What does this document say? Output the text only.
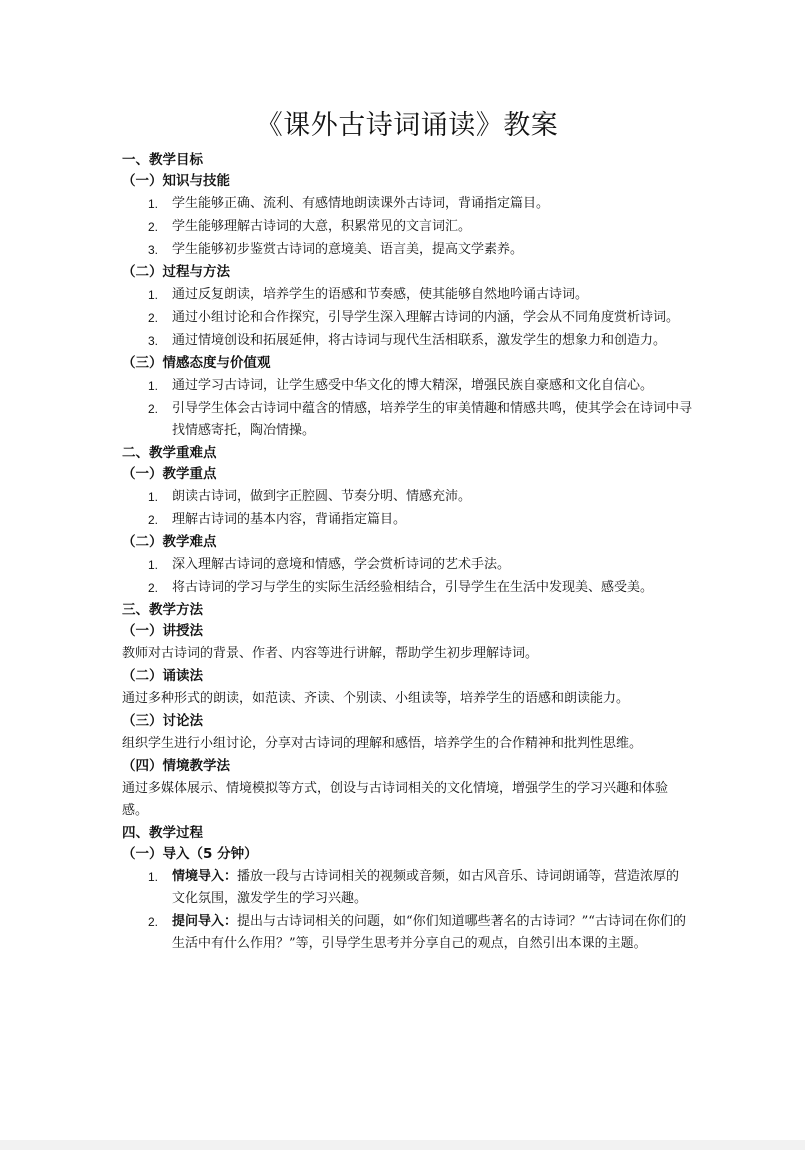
《课外古诗词诵读》教案
一、教学目标
（一）知识与技能
1. 学生能够正确、流利、有感情地朗读课外古诗词，背诵指定篇目。
2. 学生能够理解古诗词的大意，积累常见的文言词汇。
3. 学生能够初步鉴赏古诗词的意境美、语言美，提高文学素养。
（二）过程与方法
1. 通过反复朗读，培养学生的语感和节奏感，使其能够自然地吟诵古诗词。
2. 通过小组讨论和合作探究，引导学生深入理解古诗词的内涵，学会从不同角度赏析诗词。
3. 通过情境创设和拓展延伸，将古诗词与现代生活相联系，激发学生的想象力和创造力。
（三）情感态度与价值观
1. 通过学习古诗词，让学生感受中华文化的博大精深，增强民族自豪感和文化自信心。
2. 引导学生体会古诗词中蕴含的情感，培养学生的审美情趣和情感共鸣，使其学会在诗词中寻找情感寄托，陶冶情操。
二、教学重难点
（一）教学重点
1. 朗读古诗词，做到字正腔圆、节奏分明、情感充沛。
2. 理解古诗词的基本内容，背诵指定篇目。
（二）教学难点
1. 深入理解古诗词的意境和情感，学会赏析诗词的艺术手法。
2. 将古诗词的学习与学生的实际生活经验相结合，引导学生在生活中发现美、感受美。
三、教学方法
（一）讲授法
教师对古诗词的背景、作者、内容等进行讲解，帮助学生初步理解诗词。
（二）诵读法
通过多种形式的朗读，如范读、齐读、个别读、小组读等，培养学生的语感和朗读能力。
（三）讨论法
组织学生进行小组讨论，分享对古诗词的理解和感悟，培养学生的合作精神和批判性思维。
（四）情境教学法
通过多媒体展示、情境模拟等方式，创设与古诗词相关的文化情境，增强学生的学习兴趣和体验感。
四、教学过程
（一）导入（5 分钟）
1. 情境导入：播放一段与古诗词相关的视频或音频，如古风音乐、诗词朗诵等，营造浓厚的文化氛围，激发学生的学习兴趣。
2. 提问导入：提出与古诗词相关的问题，如“你们知道哪些著名的古诗词？”“古诗词在你们的生活中有什么作用？”等，引导学生思考并分享自己的观点，自然引出本课的主题。
